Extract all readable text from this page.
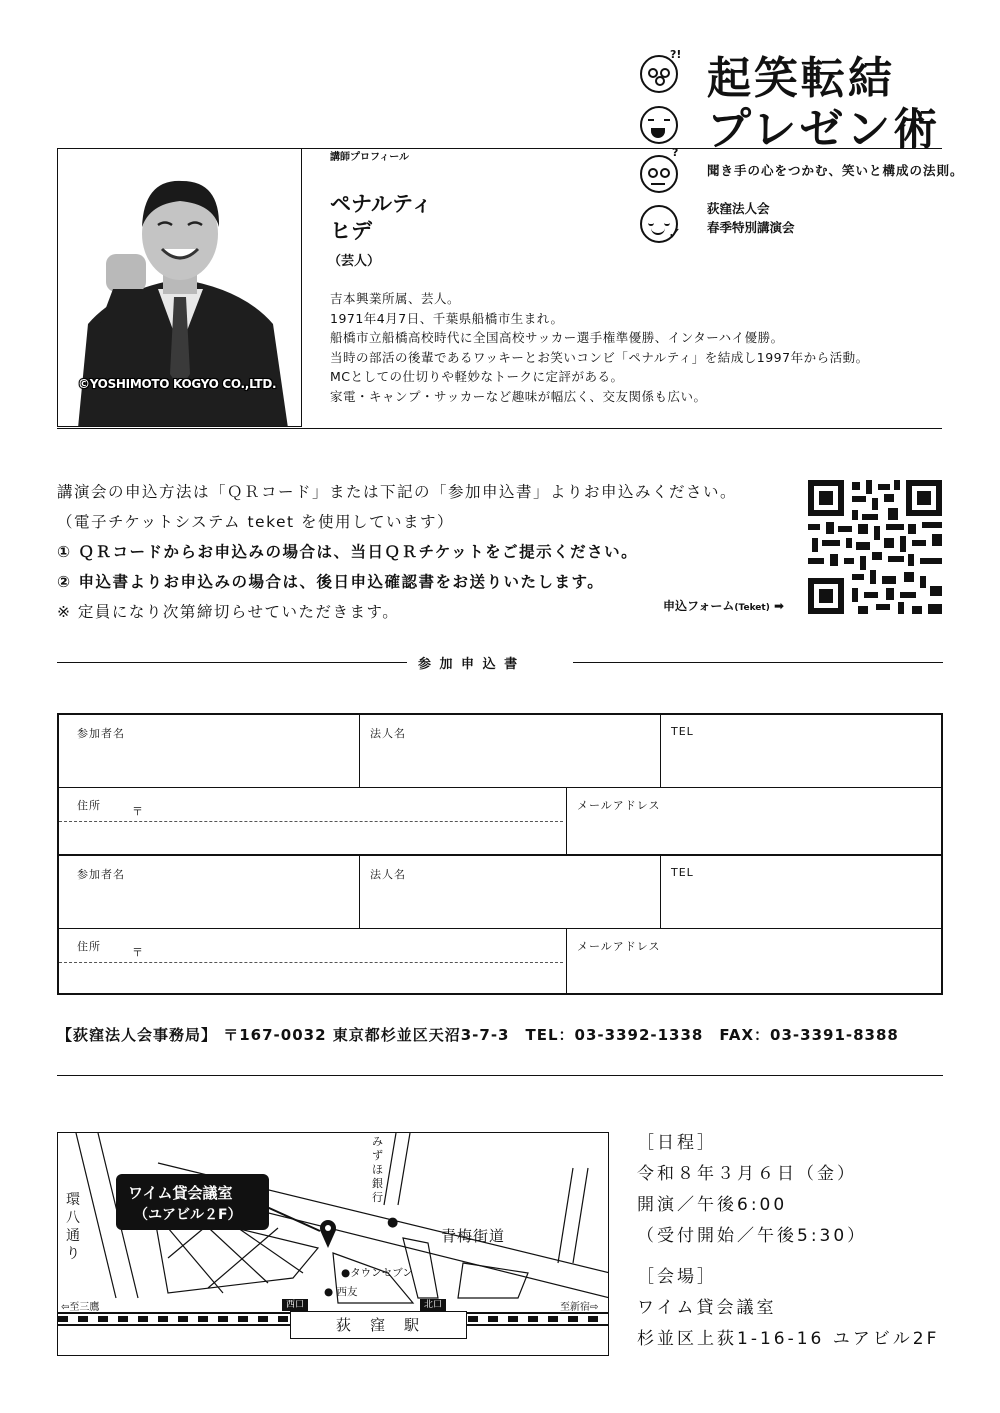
?!
?
✓
起笑転結
プレゼン術
聞き手の心をつかむ、笑いと構成の法則。
荻窪法人会
春季特別講演会
©YOSHIMOTO KOGYO CO.,LTD.
講師プロフィール
ペナルティ
ヒデ
（芸人）

吉本興業所属、芸人。

1971年4月7日、千葉県船橋市生まれ。

船橋市立船橋高校時代に全国高校サッカー選手権準優勝、インターハイ優勝。

当時の部活の後輩であるワッキーとお笑いコンビ「ペナルティ」を結成し1997年から活動。

MCとしての仕切りや軽妙なトークに定評がある。

家電・キャンプ・サッカーなど趣味が幅広く、交友関係も広い。

講演会の申込方法は「ＱＲコード」または下記の「参加申込書」よりお申込みください。

（電子チケットシステム teket を使用しています）

① ＱＲコードからお申込みの場合は、当日ＱＲチケットをご提示ください。

② 申込書よりお申込みの場合は、後日申込確認書をお送りいたします。

※ 定員になり次第締切らせていただきます。	申込フォーム(Teket) ➡
参 加 申 込 書
参加者名	法人名	TEL
住所	〒	メールアドレス
参加者名	法人名	TEL
住所	〒	メールアドレス
【荻窪法人会事務局】 〒167-0032 東京都杉並区天沼3-7-3　TEL：03-3392-1338　FAX：03-3391-8388
ワイム貸会議室
（ユアビル２F）
環八通り
青梅街道
みずほ銀行
●
●タウンセブン
● 西友
西口	北口
荻　窪　駅
⇦至三鷹	至新宿⇨

［日程］

令和８年３月６日（金）

開演／午後6:00

（受付開始／午後5:30）

［会場］

ワイム貸会議室

杉並区上荻1-16-16 ユアビル2F
